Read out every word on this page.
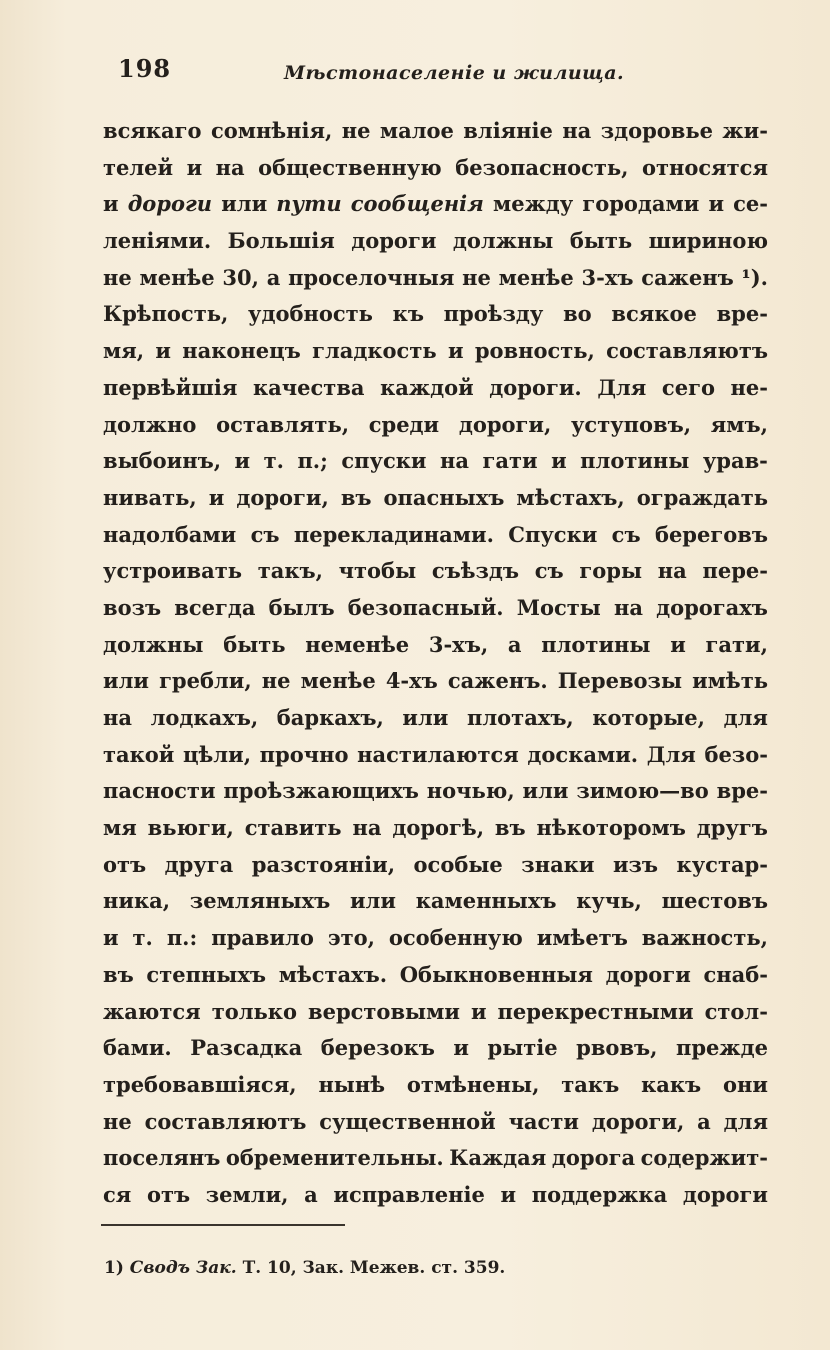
198	Мѣстонаселеніе и жилища.
всякаго сомнѣнія, не малое вліяніе на здоровье жи-
телей и на общественную безопасность, относятся
и дороги или пути сообщенія между городами и се-
леніями. Большія дороги должны быть шириною
не менѣе 30, а проселочныя не менѣе 3-хъ саженъ ¹).
Крѣпость, удобность къ проѣзду во всякое вре-
мя, и наконецъ гладкость и ровность, составляютъ
первѣйшія качества каждой дороги. Для сего не-
должно оставлять, среди дороги, уступовъ, ямъ,
выбоинъ, и т. п.; спуски на гати и плотины урав-
нивать, и дороги, въ опасныхъ мѣстахъ, ограждать
надолбами съ перекладинами. Спуски съ береговъ
устроивать такъ, чтобы съѣздъ съ горы на пере-
возъ всегда былъ безопасный. Мосты на дорогахъ
должны быть неменѣе 3-хъ, а плотины и гати,
или гребли, не менѣе 4-хъ саженъ. Перевозы имѣть
на лодкахъ, баркахъ, или плотахъ, которые, для
такой цѣли, прочно настилаются досками. Для безо-
пасности проѣзжающихъ ночью, или зимою—во вре-
мя вьюги, ставить на дорогѣ, въ нѣкоторомъ другъ
отъ друга разстояніи, особые знаки изъ кустар-
ника, земляныхъ или каменныхъ кучь, шестовъ
и т. п.: правило это, особенную имѣетъ важность,
въ степныхъ мѣстахъ. Обыкновенныя дороги снаб-
жаются только верстовыми и перекрестными стол-
бами. Разсадка березокъ и рытіе рвовъ, прежде
требовавшіяся, нынѣ отмѣнены, такъ какъ они
не составляютъ существенной части дороги, а для
поселянъ обременительны. Каждая дорога содержит-
ся отъ земли, а исправленіе и поддержка дороги
1) Сводъ Зак. Т. 10, Зак. Межев. ст. 359.
